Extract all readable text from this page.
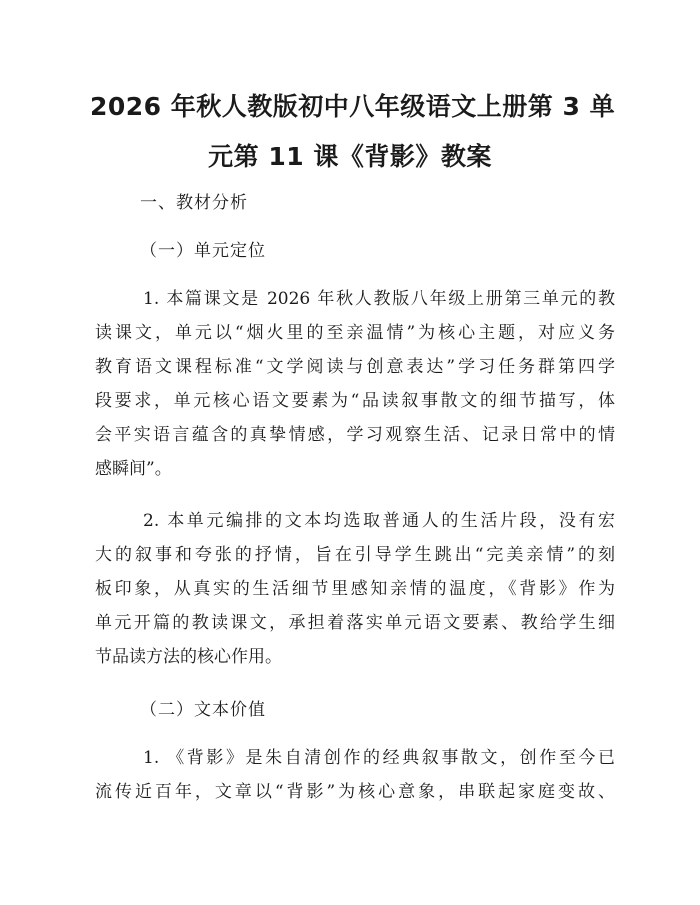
2026 年秋人教版初中八年级语文上册第 3 单
元第 11 课《背影》教案

一、教材分析

（一）单元定位

1. 本篇课文是 2026 年秋人教版八年级上册第三单元的教
读课文，单元以“烟火里的至亲温情”为核心主题，对应义务
教育语文课程标准“文学阅读与创意表达”学习任务群第四学
段要求，单元核心语文要素为“品读叙事散文的细节描写，体
会平实语言蕴含的真挚情感，学习观察生活、记录日常中的情
感瞬间”。
2. 本单元编排的文本均选取普通人的生活片段，没有宏
大的叙事和夸张的抒情，旨在引导学生跳出“完美亲情”的刻
板印象，从真实的生活细节里感知亲情的温度，《背影》作为
单元开篇的教读课文，承担着落实单元语文要素、教给学生细
节品读方法的核心作用。

（二）文本价值

1. 《背影》是朱自清创作的经典叙事散文，创作至今已
流传近百年，文章以“背影”为核心意象，串联起家庭变故、
